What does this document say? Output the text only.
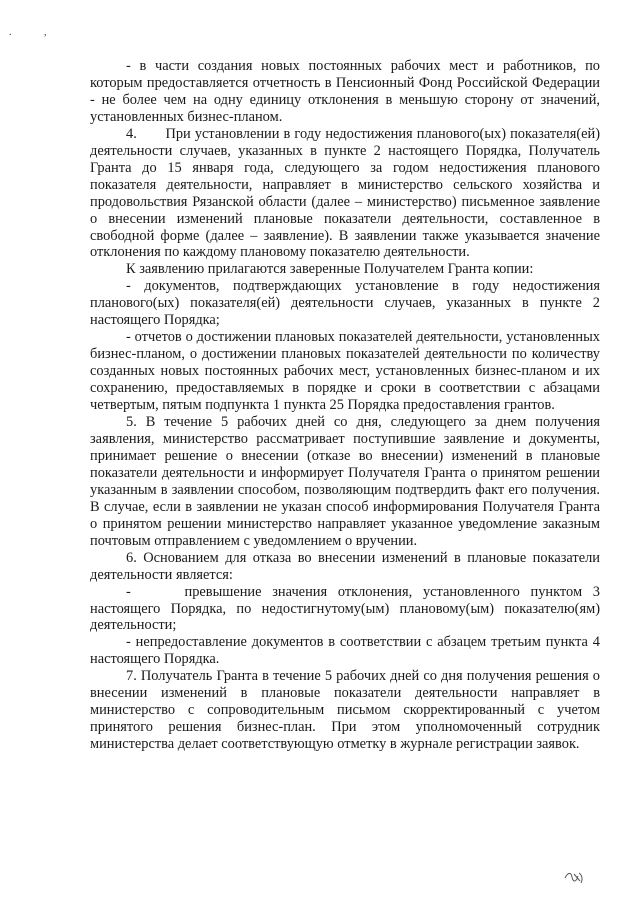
.	,

- в части создания новых постоянных рабочих мест и работников, по которым предоставляется отчетность в Пенсионный Фонд Российской Федерации - не более чем на одну единицу отклонения в меньшую сторону от значений, установленных бизнес-планом.

4.       При установлении в году недостижения планового(ых) показателя(ей) деятельности случаев, указанных в пункте 2 настоящего Порядка, Получатель Гранта до 15 января года, следующего за годом недостижения планового показателя деятельности, направляет в министерство сельского хозяйства и продовольствия Рязанской области (далее – министерство) письменное заявление о внесении изменений плановые показатели деятельности, составленное в свободной форме (далее – заявление). В заявлении также указывается значение отклонения по каждому плановому показателю деятельности.

К заявлению прилагаются заверенные Получателем Гранта копии:

- документов, подтверждающих установление в году недостижения планового(ых) показателя(ей) деятельности случаев, указанных в пункте 2 настоящего Порядка;

- отчетов о достижении плановых показателей деятельности, установленных бизнес-планом, о достижении плановых показателей деятельности по количеству созданных новых постоянных рабочих мест, установленных бизнес-планом и их сохранению, предоставляемых в порядке и сроки в соответствии с абзацами четвертым, пятым подпункта 1 пункта 25 Порядка предоставления грантов.

5. В течение 5 рабочих дней со дня, следующего за днем получения заявления, министерство рассматривает поступившие заявление и документы, принимает решение о внесении (отказе во внесении) изменений в плановые показатели деятельности и информирует Получателя Гранта о принятом решении указанным в заявлении способом, позволяющим подтвердить факт его получения. В случае, если в заявлении не указан способ информирования Получателя Гранта о принятом решении министерство направляет указанное уведомление заказным почтовым отправлением с уведомлением о вручении.

6. Основанием для отказа во внесении изменений в плановые показатели деятельности является:

-     превышение значения отклонения, установленного пунктом 3 настоящего Порядка, по недостигнутому(ым) плановому(ым) показателю(ям) деятельности;

- непредоставление документов в соответствии с абзацем третьим пункта 4 настоящего Порядка.

7. Получатель Гранта в течение 5 рабочих дней со дня получения решения о внесении изменений в плановые показатели деятельности направляет в министерство с сопроводительным письмом скорректированный с учетом принятого решения бизнес-план. При этом уполномоченный сотрудник министерства делает соответствующую отметку в журнале регистрации заявок.
